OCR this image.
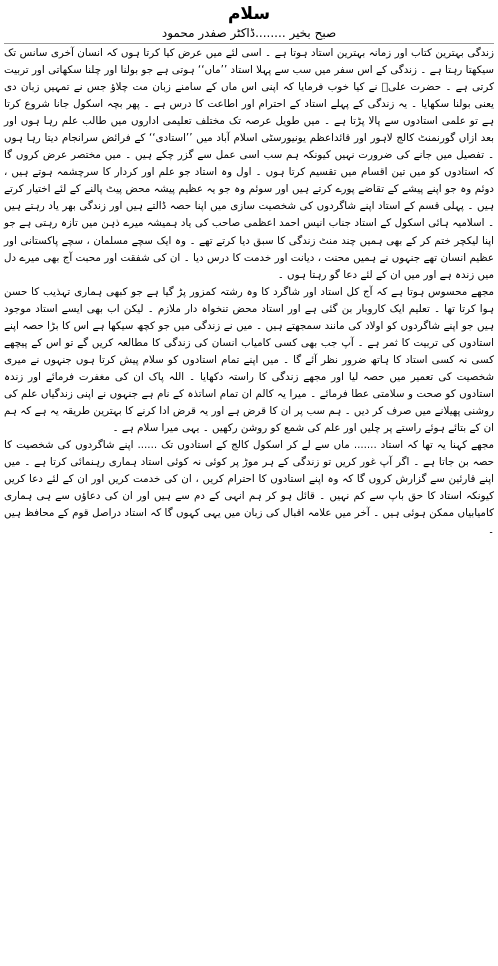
سلام
صبح بخیر ........ڈاکٹر صفدر محمود

زندگی بہترین کتاب اور زمانہ بہترین استاد ہوتا ہے ۔ اسی لئے میں عرض کیا کرتا ہوں کہ انسان آخری سانس تک سیکھتا رہتا ہے ۔ زندگی کے اس سفر میں سب سے پہلا استاد ’’ماں‘‘ ہوتی ہے جو بولنا اور چلنا سکھاتی اور تربیت کرتی ہے ۔ حضرت علیؓ نے کیا خوب فرمایا کہ اپنی اس ماں کے سامنے زبان مت چلاؤ جس نے تمہیں زبان دی یعنی بولنا سکھایا ۔ یہ زندگی کے پہلے استاد کے احترام اور اطاعت کا درس ہے ۔ پھر بچہ اسکول جانا شروع کرتا ہے تو علمی استادوں سے پالا پڑتا ہے ۔ میں طویل عرصہ تک مختلف تعلیمی اداروں میں طالب علم رہا ہوں اور بعد ازاں گورنمنٹ کالج لاہور اور قائداعظم یونیورسٹی اسلام آباد میں ’’استادی‘‘ کے فرائض سرانجام دیتا رہا ہوں ۔ تفصیل میں جانے کی ضرورت نہیں کیونکہ ہم سب اسی عمل سے گزر چکے ہیں ۔ میں مختصر عرض کروں گا کہ استادوں کو میں تین اقسام میں تقسیم کرتا ہوں ۔ اول وہ استاد جو علم اور کردار کا سرچشمہ ہوتے ہیں ، دوئم وہ جو اپنے پیشے کے تقاضے پورے کرتے ہیں اور سوئم وہ جو یہ عظیم پیشہ محض پیٹ پالنے کے لئے اختیار کرتے ہیں ۔ پہلی قسم کے استاد اپنے شاگردوں کی شخصیت سازی میں اپنا حصہ ڈالتے ہیں اور زندگی بھر یاد رہتے ہیں ۔ اسلامیہ ہائی اسکول کے استاد جناب انیس احمد اعظمی صاحب کی یاد ہمیشہ میرے ذہن میں تازہ رہتی ہے جو اپنا لیکچر ختم کر کے بھی ہمیں چند منٹ زندگی کا سبق دیا کرتے تھے ۔ وہ ایک سچے مسلمان ، سچے پاکستانی اور عظیم انسان تھے جنہوں نے ہمیں محنت ، دیانت اور خدمت کا درس دیا ۔ ان کی شفقت اور محبت آج بھی میرے دل میں زندہ ہے اور میں ان کے لئے دعا گو رہتا ہوں ۔

مجھے محسوس ہوتا ہے کہ آج کل استاد اور شاگرد کا وہ رشتہ کمزور پڑ گیا ہے جو کبھی ہماری تہذیب کا حسن ہوا کرتا تھا ۔ تعلیم ایک کاروبار بن گئی ہے اور استاد محض تنخواہ دار ملازم ۔ لیکن اب بھی ایسے استاد موجود ہیں جو اپنے شاگردوں کو اولاد کی مانند سمجھتے ہیں ۔ میں نے زندگی میں جو کچھ سیکھا ہے اس کا بڑا حصہ اپنے استادوں کی تربیت کا ثمر ہے ۔ آپ جب بھی کسی کامیاب انسان کی زندگی کا مطالعہ کریں گے تو اس کے پیچھے کسی نہ کسی استاد کا ہاتھ ضرور نظر آئے گا ۔ میں اپنے تمام استادوں کو سلام پیش کرتا ہوں جنہوں نے میری شخصیت کی تعمیر میں حصہ لیا اور مجھے زندگی کا راستہ دکھایا ۔ اللہ پاک ان کی مغفرت فرمائے اور زندہ استادوں کو صحت و سلامتی عطا فرمائے ۔ میرا یہ کالم ان تمام اساتذہ کے نام ہے جنہوں نے اپنی زندگیاں علم کی روشنی پھیلانے میں صرف کر دیں ۔ ہم سب پر ان کا قرض ہے اور یہ قرض ادا کرنے کا بہترین طریقہ یہ ہے کہ ہم ان کے بتائے ہوئے راستے پر چلیں اور علم کی شمع کو روشن رکھیں ۔ یہی میرا سلام ہے ۔

مجھے کہنا یہ تھا کہ استاد ....... ماں سے لے کر اسکول کالج کے استادوں تک ...... اپنے شاگردوں کی شخصیت کا حصہ بن جاتا ہے ۔ اگر آپ غور کریں تو زندگی کے ہر موڑ پر کوئی نہ کوئی استاد ہماری رہنمائی کرتا ہے ۔ میں اپنے قارئین سے گزارش کروں گا کہ وہ اپنے استادوں کا احترام کریں ، ان کی خدمت کریں اور ان کے لئے دعا کریں کیونکہ استاد کا حق باپ سے کم نہیں ۔ قائل ہو کر ہم انہی کے دم سے ہیں اور ان کی دعاؤں سے ہی ہماری کامیابیاں ممکن ہوئی ہیں ۔ آخر میں علامہ اقبال کی زبان میں یہی کہوں گا کہ استاد دراصل قوم کے محافظ ہیں ۔
